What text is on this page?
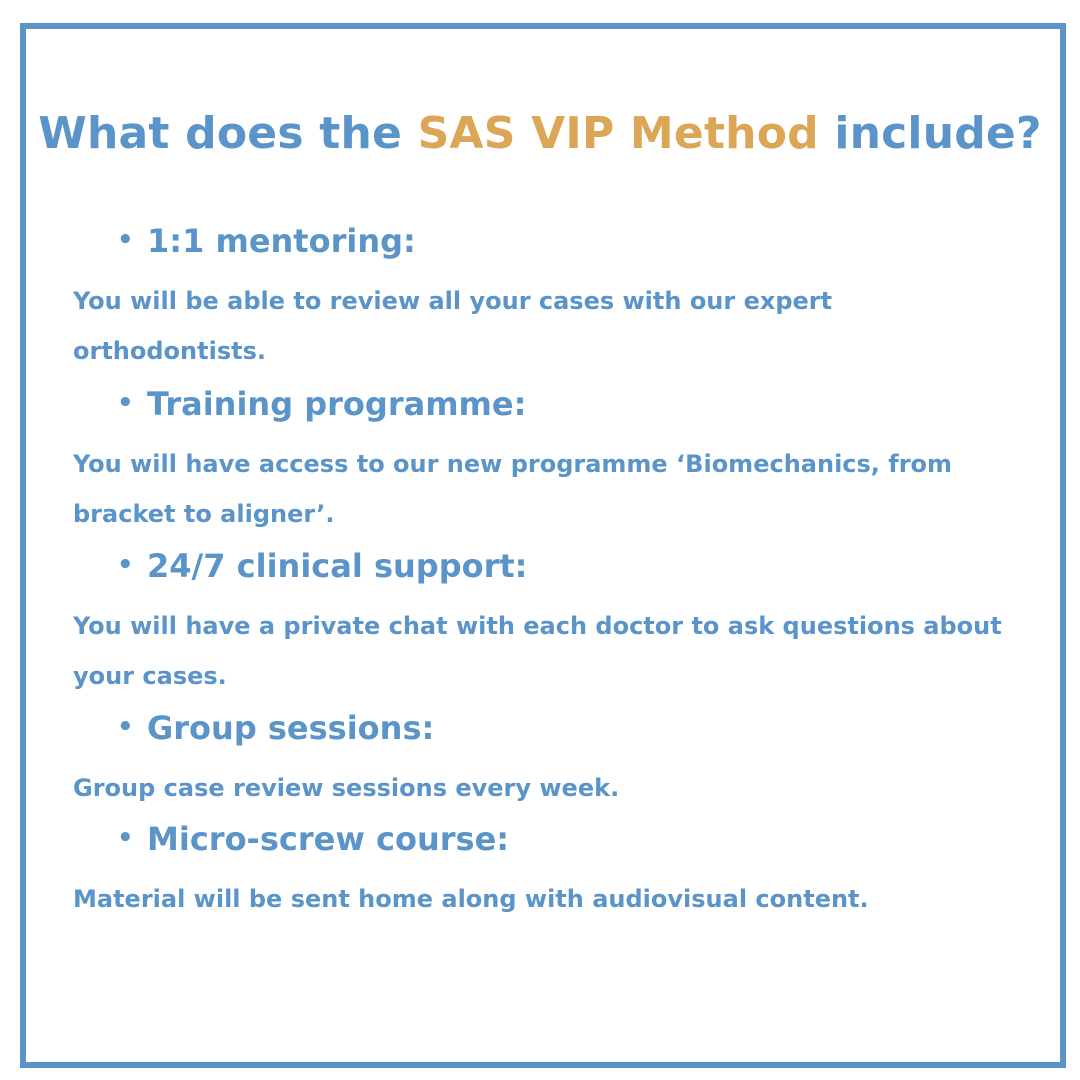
What does the SAS VIP Method include?

• 1:1 mentoring:

You will be able to review all your cases with our expert orthodontists.

• Training programme:

You will have access to our new programme ‘Biomechanics, from bracket to aligner’.

• 24/7 clinical support:

You will have a private chat with each doctor to ask questions about your cases.

• Group sessions:

Group case review sessions every week.

• Micro-screw course:

Material will be sent home along with audiovisual content.
